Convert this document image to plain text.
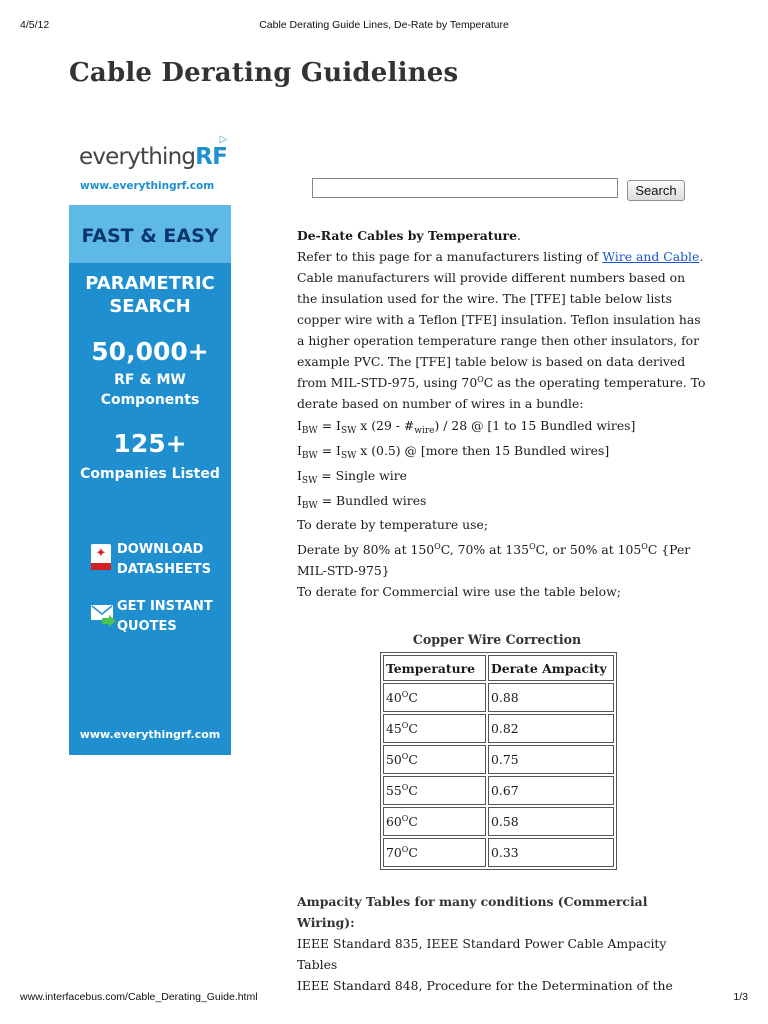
4/5/12	Cable Derating Guide Lines, De-Rate by Temperature
Cable Derating Guidelines
▷
everythingRF
www.everythingrf.com
FAST & EASY
PARAMETRIC
SEARCH
50,000+
RF & MW
Components
125+
Companies Listed
✦ DOWNLOAD
DATASHEETS
GET INSTANT
QUOTES
www.everythingrf.com
Search

De-Rate Cables by Temperature.

Refer to this page for a manufacturers listing of Wire and Cable.

Cable manufacturers will provide different numbers based on the insulation used for the wire. The [TFE] table below lists copper wire with a Teflon [TFE] insulation. Teflon insulation has a higher operation temperature range then other insulators, for example PVC. The [TFE] table below is based on data derived from MIL-STD-975, using $70^OC$ as the operating temperature. To derate based on number of wires in a bundle:

$I_{BW} = I_{SW}$ x $(29 - \#_{wire}) / 28$ @ [1 to 15 Bundled wires]

$I_{BW} = I_{SW}$ x (0.5) @ [more then 15 Bundled wires]

$I_{SW}$ = Single wire

$I_{BW}$ = Bundled wires

To derate by temperature use;

Derate by 80% at $150^OC$, 70% at $135^OC$, or 50% at $105^OC$ {Per MIL-STD-975}

To derate for Commercial wire use the table below;

Copper Wire Correction
Temperature	Derate Ampacity
$40^OC$	0.88
$45^OC$	0.82
$50^OC$	0.75
$55^OC$	0.67
$60^OC$	0.58
$70^OC$	0.33

Ampacity Tables for many conditions (Commercial Wiring):

IEEE Standard 835, IEEE Standard Power Cable Ampacity Tables

IEEE Standard 848, Procedure for the Determination of the

www.interfacebus.com/Cable_Derating_Guide.html	1/3
